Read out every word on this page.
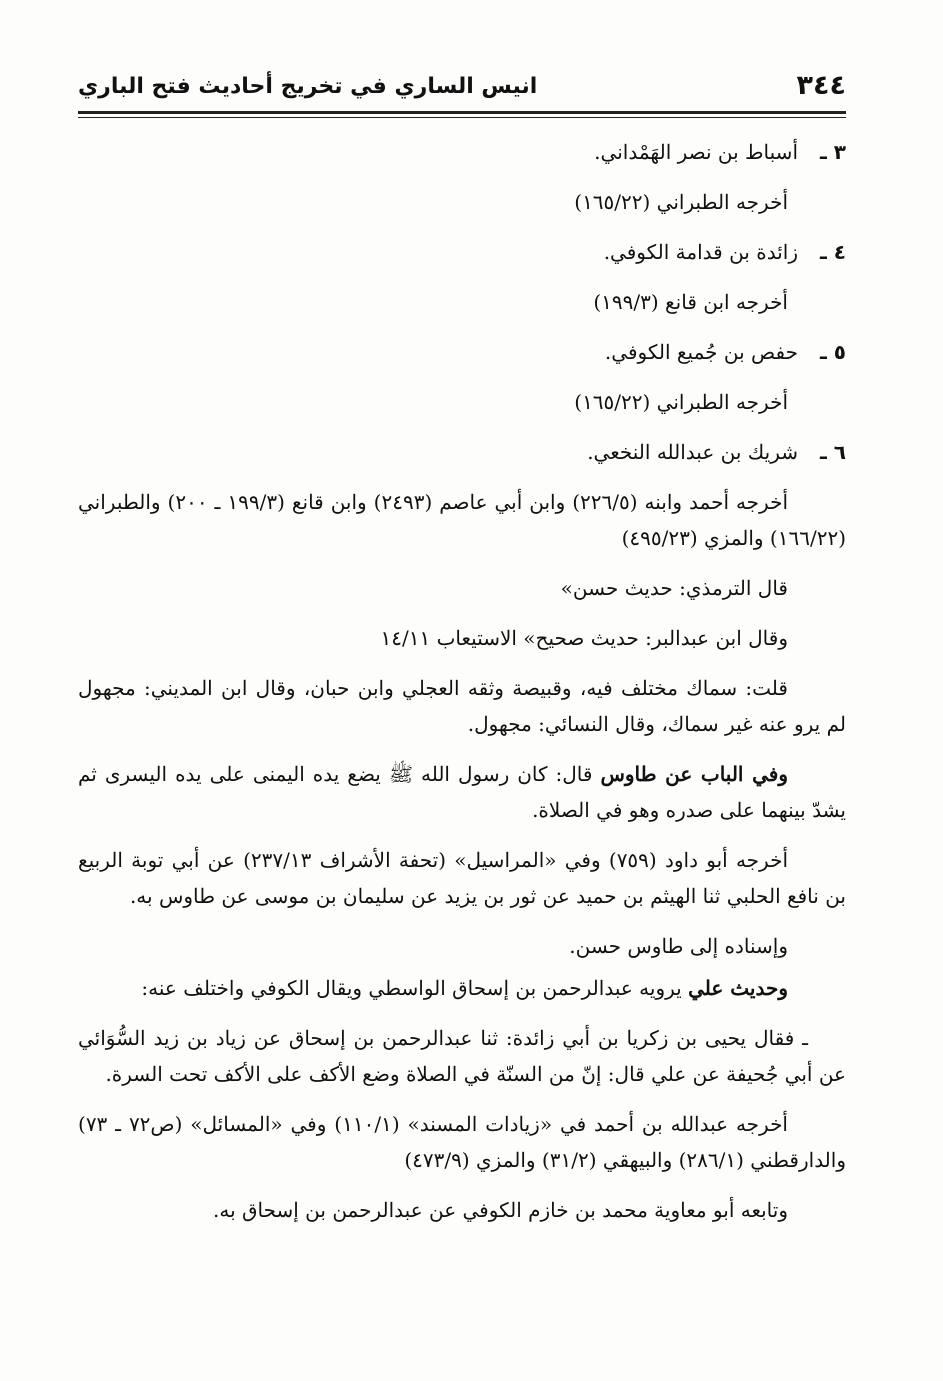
٣٤٤
انيس الساري في تخريج أحاديث فتح الباري
٣ ـ
أسباط بن نصر الهَمْداني.

أخرجه الطبراني (١٦٥/٢٢)

٤ ـ
زائدة بن قدامة الكوفي.

أخرجه ابن قانع (١٩٩/٣)

٥ ـ
حفص بن جُميع الكوفي.

أخرجه الطبراني (١٦٥/٢٢)

٦ ـ
شريك بن عبدالله النخعي.

أخرجه أحمد وابنه (٢٢٦/٥) وابن أبي عاصم (٢٤٩٣) وابن قانع (١٩٩/٣ ـ ٢٠٠) والطبراني (١٦٦/٢٢) والمزي (٤٩٥/٢٣)

قال الترمذي: حديث حسن»

وقال ابن عبدالبر: حديث صحيح» الاستيعاب ١٤/١١

قلت: سماك مختلف فيه، وقبيصة وثقه العجلي وابن حبان، وقال ابن المديني: مجهول لم يرو عنه غير سماك، وقال النسائي: مجهول.

وفي الباب عن طاوس قال: كان رسول الله ﷺ يضع يده اليمنى على يده اليسرى ثم يشدّ بينهما على صدره وهو في الصلاة.

أخرجه أبو داود (٧٥٩) وفي «المراسيل» (تحفة الأشراف ٢٣٧/١٣) عن أبي توبة الربيع بن نافع الحلبي ثنا الهيثم بن حميد عن ثور بن يزيد عن سليمان بن موسى عن طاوس به.

وإسناده إلى طاوس حسن.

وحديث علي يرويه عبدالرحمن بن إسحاق الواسطي ويقال الكوفي واختلف عنه:

ـ فقال يحيى بن زكريا بن أبي زائدة: ثنا عبدالرحمن بن إسحاق عن زياد بن زيد السُّوَائي عن أبي جُحيفة عن علي قال: إنّ من السنّة في الصلاة وضع الأكف على الأكف تحت السرة.

أخرجه عبدالله بن أحمد في «زيادات المسند» (١١٠/١) وفي «المسائل» (ص٧٢ ـ ٧٣) والدارقطني (٢٨٦/١) والبيهقي (٣١/٢) والمزي (٤٧٣/٩)

وتابعه أبو معاوية محمد بن خازم الكوفي عن عبدالرحمن بن إسحاق به.
